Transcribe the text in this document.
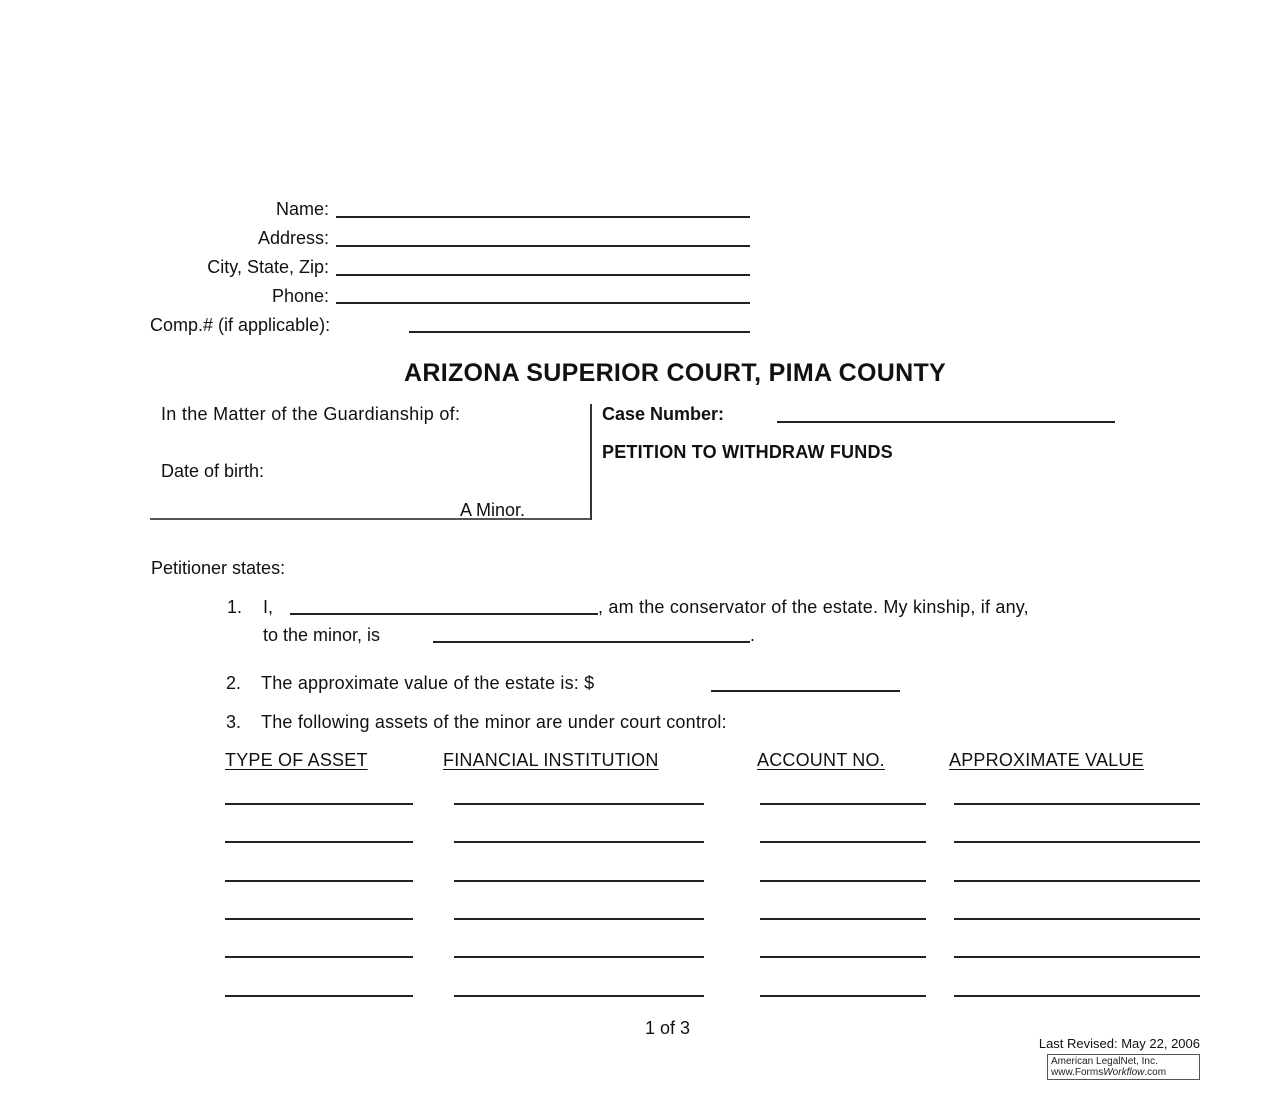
Name:
Address:
City, State, Zip:
Phone:
Comp.# (if applicable):
ARIZONA SUPERIOR COURT, PIMA COUNTY
In the Matter of the Guardianship of:
Date of birth:
A Minor.
Case Number:
PETITION TO WITHDRAW FUNDS
Petitioner states:
1. I,	, am the conservator of the estate. My kinship, if any,
to the minor, is	.
2. The approximate value of the estate is: $
3. The following assets of the minor are under court control:
TYPE OF ASSET	FINANCIAL INSTITUTION	ACCOUNT NO.	APPROXIMATE VALUE
1 of 3
Last Revised: May 22, 2006
American LegalNet, Inc.
www.FormsWorkflow.com
